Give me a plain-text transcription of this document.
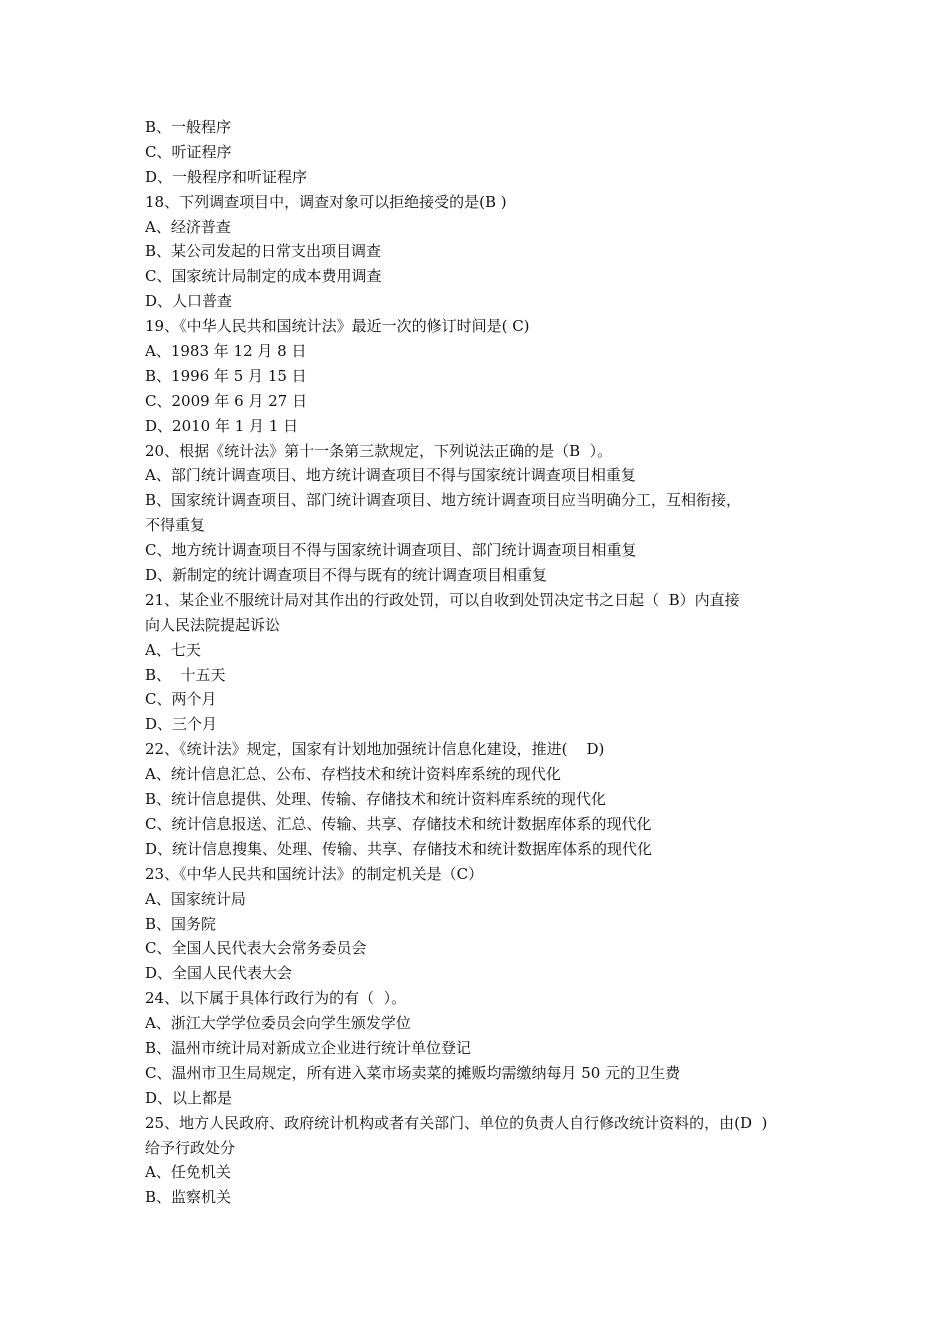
B、一般程序
C、听证程序
D、一般程序和听证程序
18、下列调查项目中，调查对象可以拒绝接受的是(B )
A、经济普查
B、某公司发起的日常支出项目调查
C、国家统计局制定的成本费用调查
D、人口普查
19、《中华人民共和国统计法》最近一次的修订时间是( C)
A、1983 年 12 月 8 日
B、1996 年 5 月 15 日
C、2009 年 6 月 27 日
D、2010 年 1 月 1 日
20、根据《统计法》第十一条第三款规定，下列说法正确的是（B  ）。
A、部门统计调查项目、地方统计调查项目不得与国家统计调查项目相重复
B、国家统计调查项目、部门统计调查项目、地方统计调查项目应当明确分工，互相衔接，
不得重复
C、地方统计调查项目不得与国家统计调查项目、部门统计调查项目相重复
D、新制定的统计调查项目不得与既有的统计调查项目相重复
21、某企业不服统计局对其作出的行政处罚，可以自收到处罚决定书之日起（  B）内直接
向人民法院提起诉讼
A、七天
B、  十五天
C、两个月
D、三个月
22、《统计法》规定，国家有计划地加强统计信息化建设，推进(    D)
A、统计信息汇总、公布、存档技术和统计资料库系统的现代化
B、统计信息提供、处理、传输、存储技术和统计资料库系统的现代化
C、统计信息报送、汇总、传输、共享、存储技术和统计数据库体系的现代化
D、统计信息搜集、处理、传输、共享、存储技术和统计数据库体系的现代化
23、《中华人民共和国统计法》的制定机关是（C）
A、国家统计局
B、国务院
C、全国人民代表大会常务委员会
D、全国人民代表大会
24、以下属于具体行政行为的有（  ）。
A、浙江大学学位委员会向学生颁发学位
B、温州市统计局对新成立企业进行统计单位登记
C、温州市卫生局规定，所有进入菜市场卖菜的摊贩均需缴纳每月 50 元的卫生费
D、以上都是
25、地方人民政府、政府统计机构或者有关部门、单位的负责人自行修改统计资料的，由(D  )
给予行政处分
A、任免机关
B、监察机关
